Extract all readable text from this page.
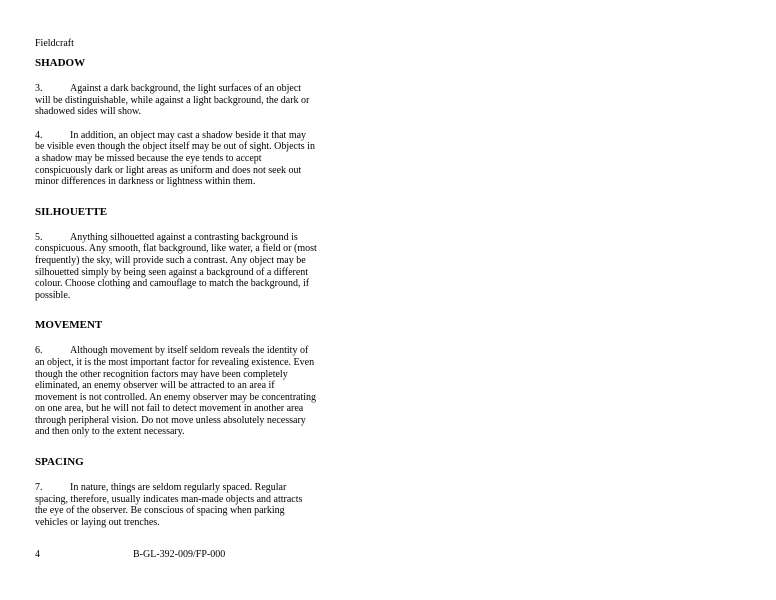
Fieldcraft
SHADOW

3.	Against a dark background, the light surfaces of an object will be distinguishable, while against a light background, the dark or shadowed sides will show.

4.	In addition, an object may cast a shadow beside it that may be visible even though the object itself may be out of sight. Objects in a shadow may be missed because the eye tends to accept conspicuously dark or light areas as uniform and does not seek out minor differences in darkness or lightness within them.

SILHOUETTE

5.	Anything silhouetted against a contrasting background is conspicuous. Any smooth, flat background, like water, a field or (most frequently) the sky, will provide such a contrast. Any object may be silhouetted simply by being seen against a background of a different colour. Choose clothing and camouflage to match the background, if possible.

MOVEMENT

6.	Although movement by itself seldom reveals the identity of an object, it is the most important factor for revealing existence. Even though the other recognition factors may have been completely eliminated, an enemy observer will be attracted to an area if movement is not controlled. An enemy observer may be concentrating on one area, but he will not fail to detect movement in another area through peripheral vision. Do not move unless absolutely necessary and then only to the extent necessary.

SPACING

7.	In nature, things are seldom regularly spaced. Regular spacing, therefore, usually indicates man-made objects and attracts the eye of the observer. Be conscious of spacing when parking vehicles or laying out trenches.

4	B-GL-392-009/FP-000
